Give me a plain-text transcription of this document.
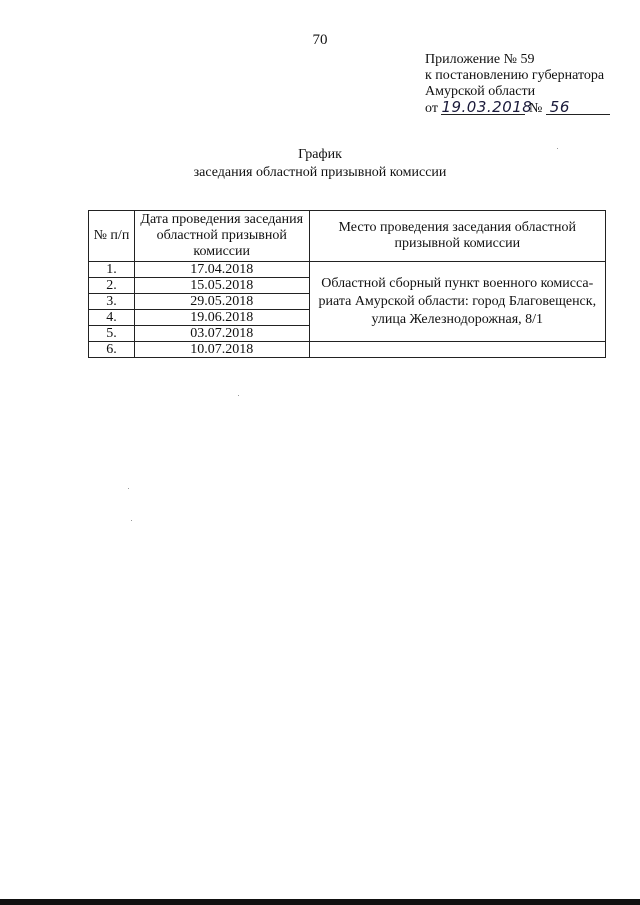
70
Приложение № 59
к постановлению губернатора
Амурской области
от 19.03.2018 № 56
График
заседания областной призывной комиссии
№ п/п	Дата проведения заседания областной призывной комиссии	Место проведения заседания областной призывной комиссии
1.	17.04.2018	Областной сборный пункт военного комисса-риата Амурской области: город Благовещенск, улица Железнодорожная, 8/1
2.	15.05.2018	
3.	29.05.2018	
4.	19.06.2018	
5.	03.07.2018	
6.	10.07.2018	
